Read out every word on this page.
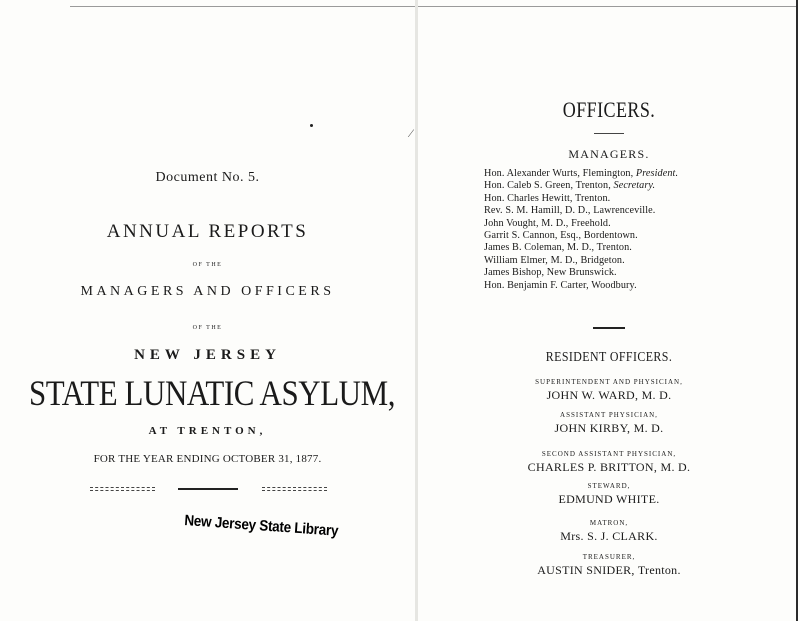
⁄
Document No. 5.
ANNUAL REPORTS
OF THE
MANAGERS AND OFFICERS
OF THE
NEW JERSEY
STATE LUNATIC ASYLUM,
AT TRENTON,
FOR THE YEAR ENDING OCTOBER 31, 1877.
New Jersey State Library
OFFICERS.
MANAGERS.
Hon. Alexander Wurts, Flemington, President.
Hon. Caleb S. Green, Trenton, Secretary.
Hon. Charles Hewitt, Trenton.
Rev. S. M. Hamill, D. D., Lawrenceville.
John Vought, M. D., Freehold.
Garrit S. Cannon, Esq., Bordentown.
James B. Coleman, M. D., Trenton.
William Elmer, M. D., Bridgeton.
James Bishop, New Brunswick.
Hon. Benjamin F. Carter, Woodbury.
RESIDENT OFFICERS.
SUPERINTENDENT AND PHYSICIAN,
JOHN W. WARD, M. D.
ASSISTANT PHYSICIAN,
JOHN KIRBY, M. D.
SECOND ASSISTANT PHYSICIAN,
CHARLES P. BRITTON, M. D.
STEWARD,
EDMUND WHITE.
MATRON,
Mrs. S. J. CLARK.
TREASURER,
AUSTIN SNIDER, Trenton.
